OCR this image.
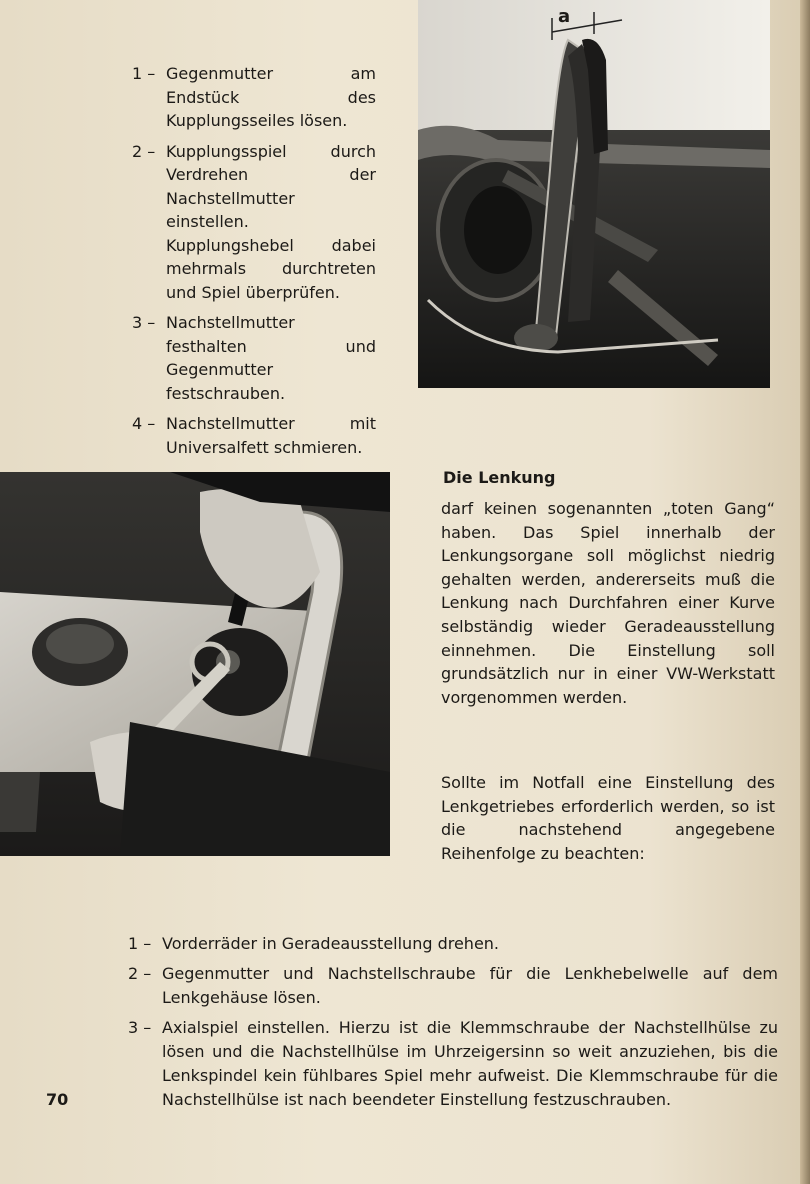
1 – Gegenmutter am Endstück des Kupplungsseiles lösen.
2 – Kupplungsspiel durch Verdrehen der Nachstellmutter einstellen. Kupplungshebel dabei mehrmals durchtreten und Spiel überprüfen.
3 – Nachstellmutter festhalten und Gegenmutter festschrauben.
4 – Nachstellmutter mit Universalfett schmieren.
a
Die Lenkung

darf keinen sogenannten „toten Gang“ haben. Das Spiel innerhalb der Lenkungsorgane soll möglichst niedrig gehalten werden, andererseits muß die Lenkung nach Durchfahren einer Kurve selbständig wieder Geradeausstellung einnehmen. Die Einstellung soll grundsätzlich nur in einer VW-Werkstatt vorgenommen werden.

Sollte im Notfall eine Einstellung des Lenkgetriebes erforderlich werden, so ist die nachstehend angegebene Reihenfolge zu beachten:

1 – Vorderräder in Geradeausstellung drehen.
2 – Gegenmutter und Nachstellschraube für die Lenkhebelwelle auf dem Lenkgehäuse lösen.
3 – Axialspiel einstellen. Hierzu ist die Klemmschraube der Nachstellhülse zu lösen und die Nachstellhülse im Uhrzeigersinn so weit anzuziehen, bis die Lenkspindel kein fühlbares Spiel mehr aufweist. Die Klemmschraube für die Nachstellhülse ist nach beendeter Einstellung festzuschrauben.
70
